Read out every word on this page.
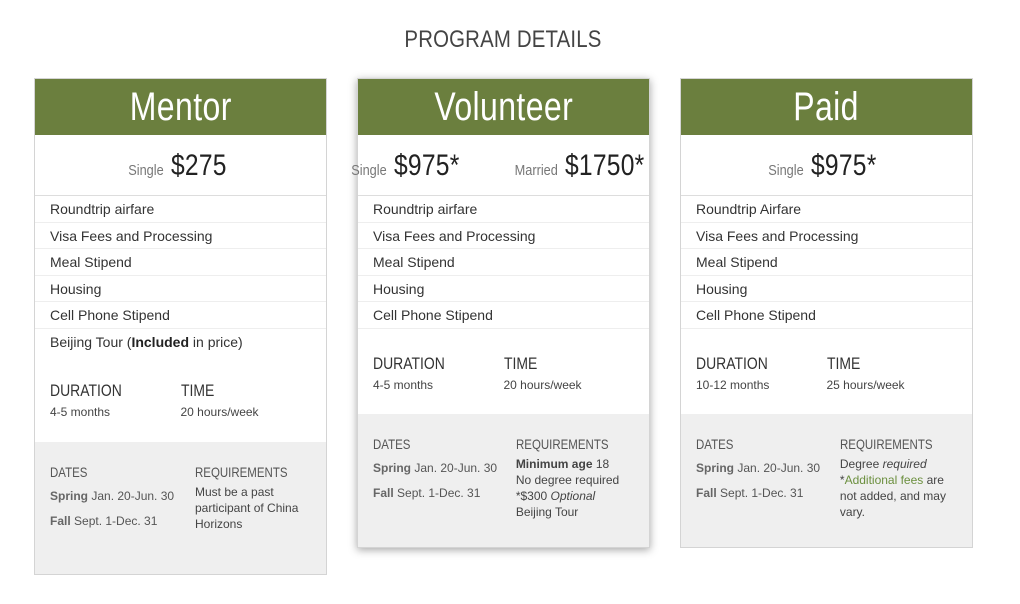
PROGRAM DETAILS
Mentor
Single $275
Roundtrip airfare
Visa Fees and Processing
Meal Stipend
Housing
Cell Phone Stipend
Beijing Tour (Included in price)
DURATION
4-5 months
TIME
20 hours/week
DATES
Spring Jan. 20-Jun. 30
Fall Sept. 1-Dec. 31
REQUIREMENTS
Must be a past participant of China Horizons
Volunteer
Single $975*	Married $1750*
Roundtrip airfare
Visa Fees and Processing
Meal Stipend
Housing
Cell Phone Stipend
DURATION
4-5 months
TIME
20 hours/week
DATES
Spring Jan. 20-Jun. 30
Fall Sept. 1-Dec. 31
REQUIREMENTS
Minimum age 18
No degree required
*$300 Optional
Beijing Tour
Paid
Single $975*
Roundtrip Airfare
Visa Fees and Processing
Meal Stipend
Housing
Cell Phone Stipend
DURATION
10-12 months
TIME
25 hours/week
DATES
Spring Jan. 20-Jun. 30
Fall Sept. 1-Dec. 31
REQUIREMENTS
Degree required
*Additional fees are not added, and may vary.
